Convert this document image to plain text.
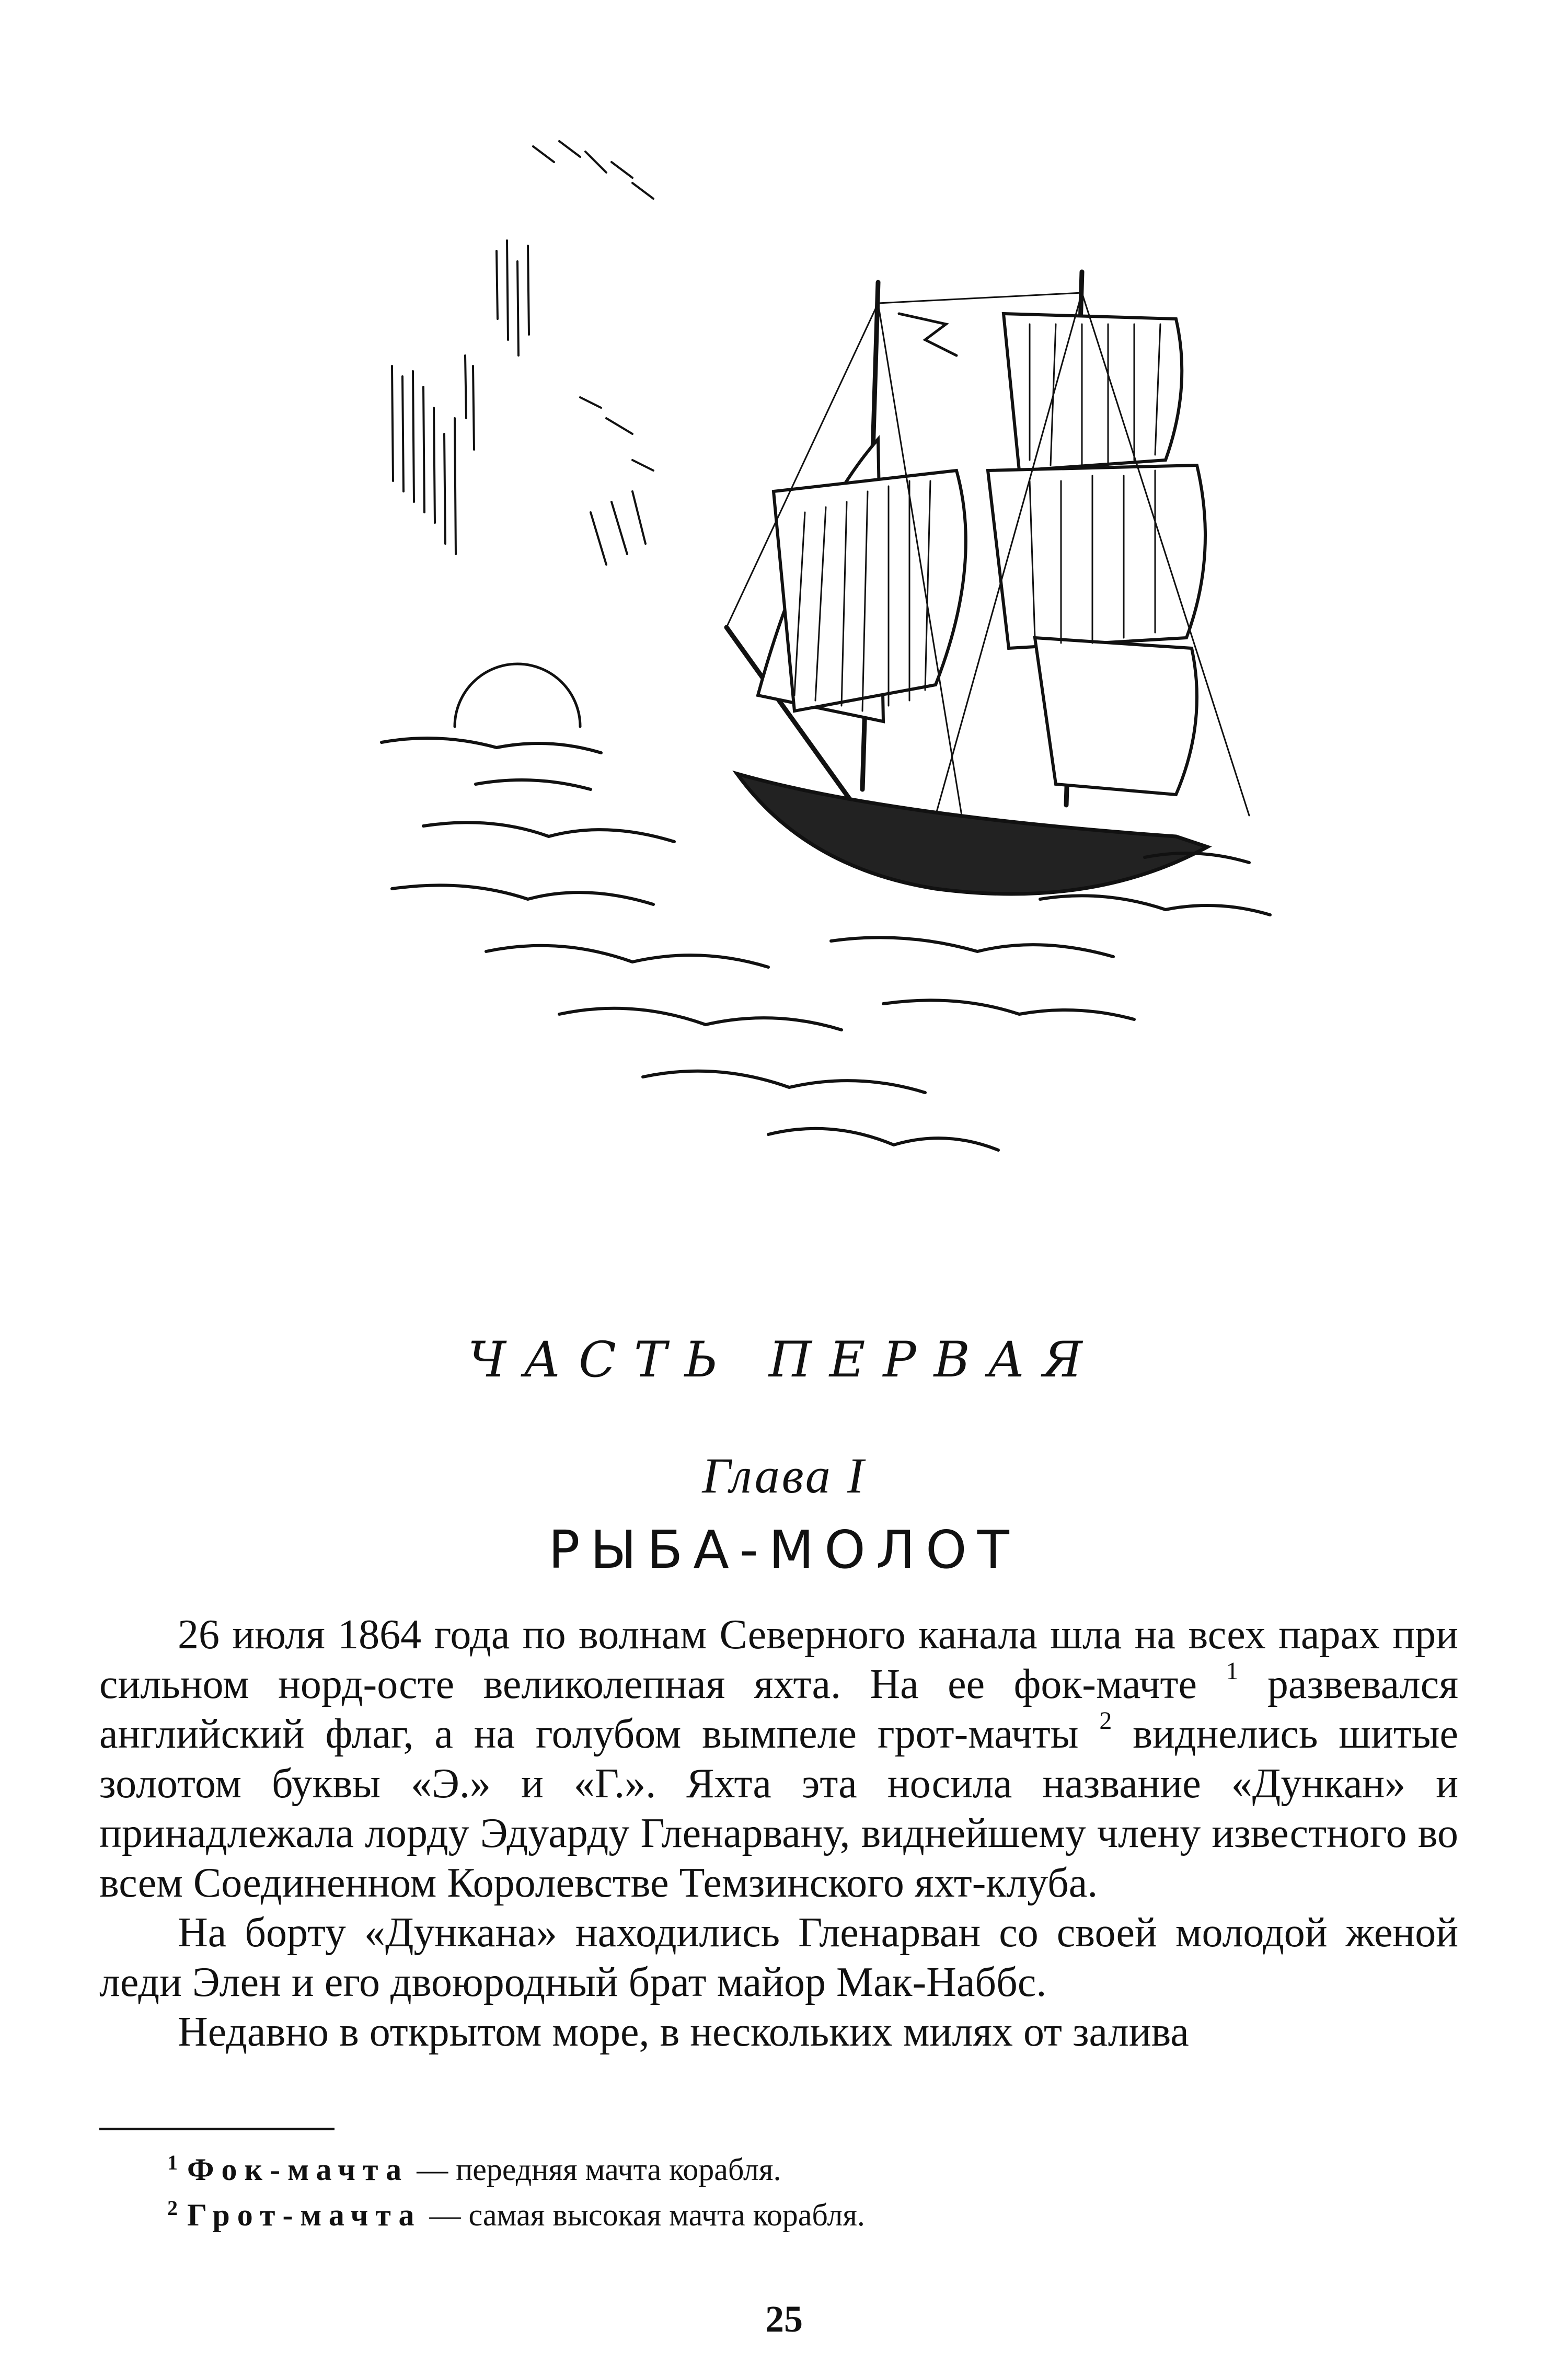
ЧАСТЬ ПЕРВАЯ
Глава I
РЫБА-МОЛОТ

26 июля 1864 года по волнам Северного канала шла на всех парах при сильном норд-осте великолепная яхта. На ее фок-мачте $^1$ развевался английский флаг, а на голубом вымпеле грот-мачты $^2$ виднелись шитые золотом буквы «Э.» и «Г.». Яхта эта носила название «Дункан» и принадлежала лорду Эдуарду Гленарвану, виднейшему члену известного во всем Соединенном Королевстве Темзинского яхт-клуба.

На борту «Дункана» находились Гленарван со своей молодой женой леди Элен и его двоюродный брат майор Мак-Наббс.

Недавно в открытом море, в нескольких милях от залива

$^1$ Фок-мачта — передняя мачта корабля.
$^2$ Грот-мачта — самая высокая мачта корабля.
25
